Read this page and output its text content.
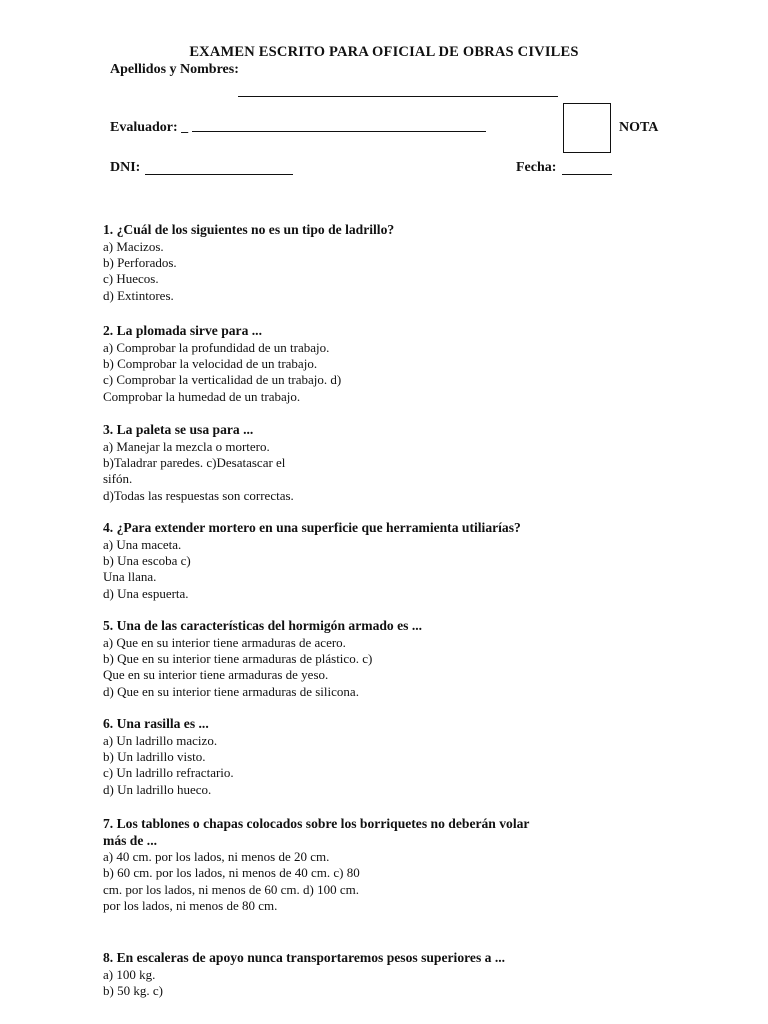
EXAMEN ESCRITO PARA OFICIAL DE OBRAS CIVILES
Apellidos y Nombres:
Evaluador: _	NOTA
DNI:	Fecha:
1. ¿Cuál de los siguientes no es un tipo de ladrillo?
a) Macizos.
b) Perforados.
c) Huecos.
d) Extintores.
2. La plomada sirve para ...
a) Comprobar la profundidad de un trabajo.
b) Comprobar la velocidad de un trabajo.
c) Comprobar la verticalidad de un trabajo. d)
Comprobar la humedad de un trabajo.
3. La paleta se usa para ...
a) Manejar la mezcla o mortero.
b)Taladrar paredes. c)Desatascar el
sifón.
d)Todas las respuestas son correctas.
4. ¿Para extender mortero en una superficie que herramienta utiliarías?
a) Una maceta.
b) Una escoba c)
Una llana.
d) Una espuerta.
5. Una de las características del hormigón armado es ...
a) Que en su interior tiene armaduras de acero.
b) Que en su interior tiene armaduras de plástico. c)
Que en su interior tiene armaduras de yeso.
d) Que en su interior tiene armaduras de silicona.
6. Una rasilla es ...
a) Un ladrillo macizo.
b) Un ladrillo visto.
c) Un ladrillo refractario.
d) Un ladrillo hueco.
7. Los tablones o chapas colocados sobre los borriquetes no deberán volar
más de ...
a) 40 cm. por los lados, ni menos de 20 cm.
b) 60 cm. por los lados, ni menos de 40 cm. c) 80
cm. por los lados, ni menos de 60 cm. d) 100 cm.
por los lados, ni menos de 80 cm.
8. En escaleras de apoyo nunca transportaremos pesos superiores a ...
a) 100 kg.
b) 50 kg. c)
